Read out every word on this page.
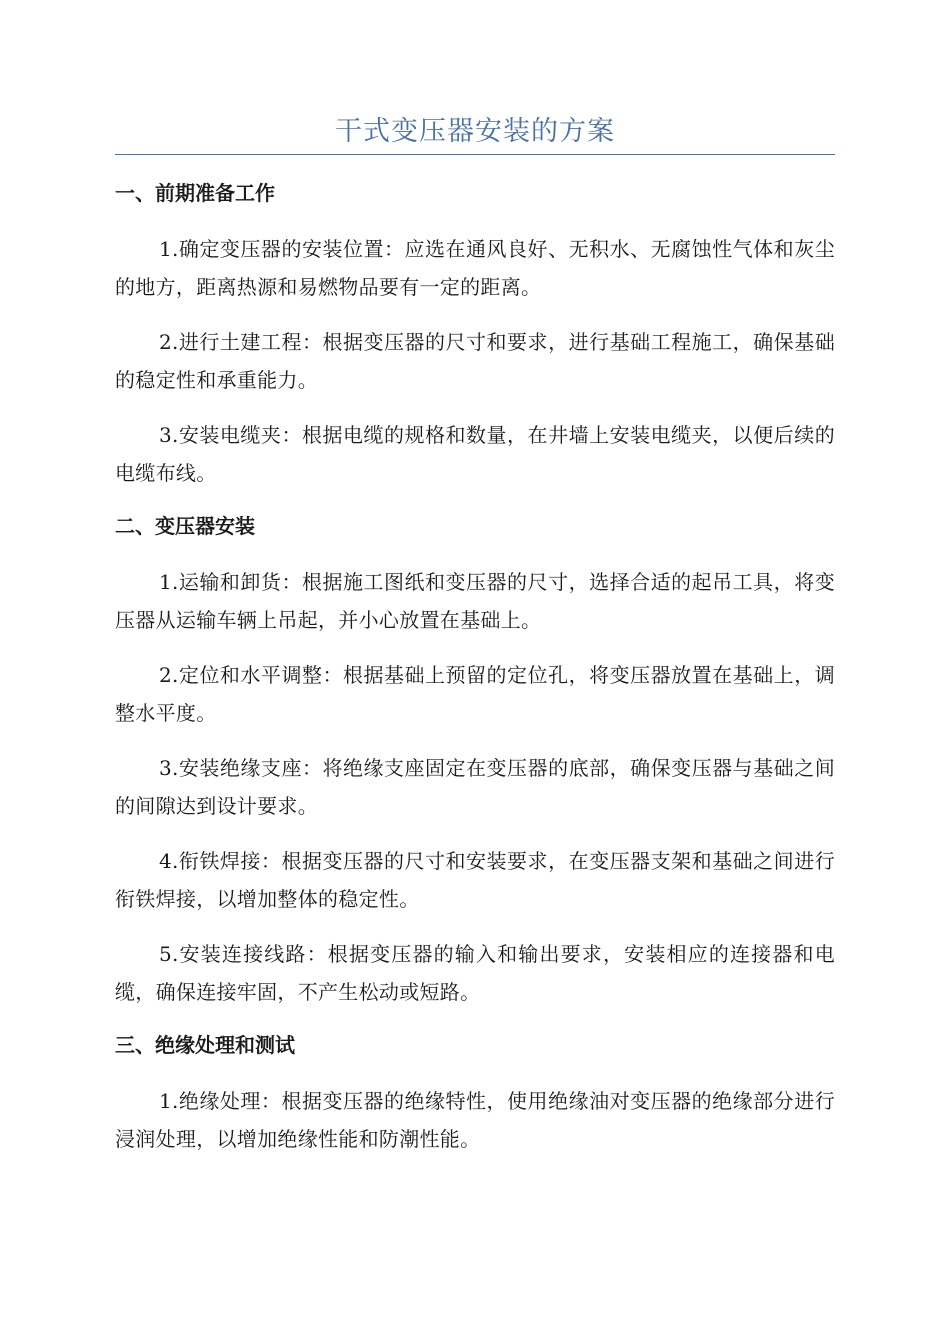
干式变压器安装的方案
一、前期准备工作

1.确定变压器的安装位置：应选在通风良好、无积水、无腐蚀性气体和灰尘的地方，距离热源和易燃物品要有一定的距离。

2.进行土建工程：根据变压器的尺寸和要求，进行基础工程施工，确保基础的稳定性和承重能力。

3.安装电缆夹：根据电缆的规格和数量，在井墙上安装电缆夹，以便后续的电缆布线。

二、变压器安装

1.运输和卸货：根据施工图纸和变压器的尺寸，选择合适的起吊工具，将变压器从运输车辆上吊起，并小心放置在基础上。

2.定位和水平调整：根据基础上预留的定位孔，将变压器放置在基础上，调整水平度。

3.安装绝缘支座：将绝缘支座固定在变压器的底部，确保变压器与基础之间的间隙达到设计要求。

4.衔铁焊接：根据变压器的尺寸和安装要求，在变压器支架和基础之间进行衔铁焊接，以增加整体的稳定性。

5.安装连接线路：根据变压器的输入和输出要求，安装相应的连接器和电缆，确保连接牢固，不产生松动或短路。

三、绝缘处理和测试

1.绝缘处理：根据变压器的绝缘特性，使用绝缘油对变压器的绝缘部分进行浸润处理，以增加绝缘性能和防潮性能。
